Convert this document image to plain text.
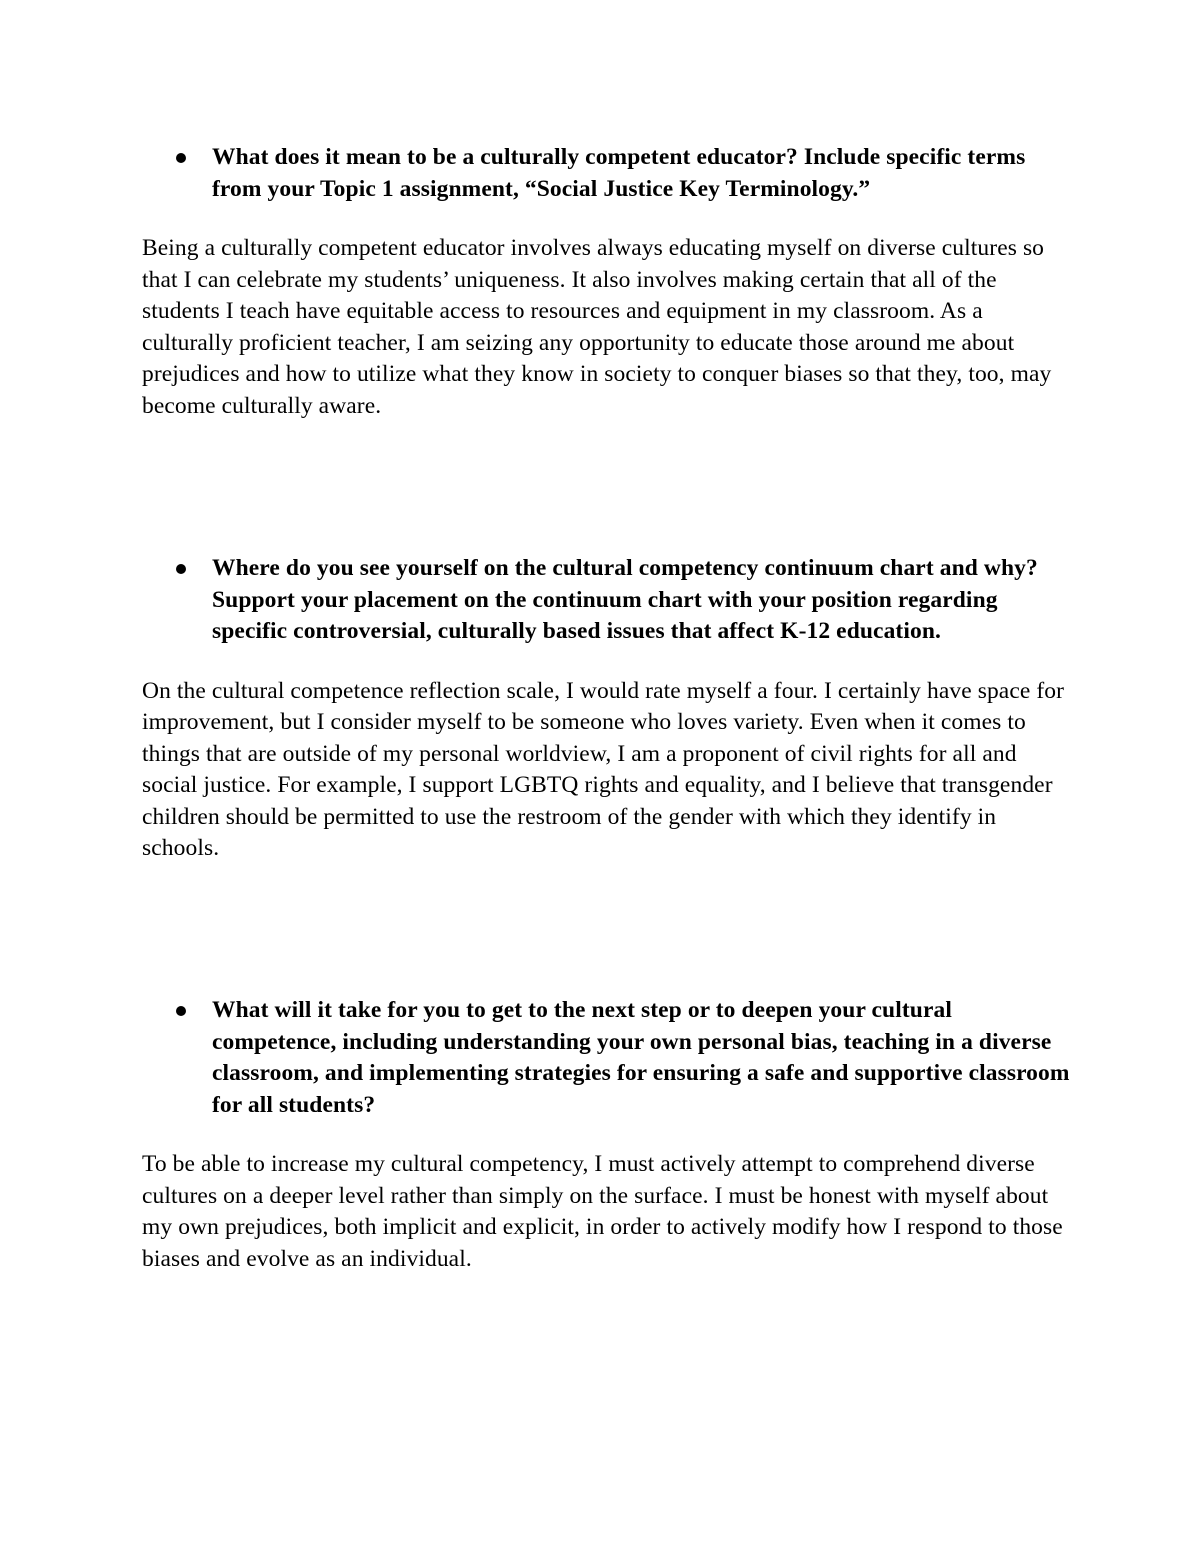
What does it mean to be a culturally competent educator? Include specific terms from your Topic 1 assignment, “Social Justice Key Terminology.”
Being a culturally competent educator involves always educating myself on diverse cultures so that I can celebrate my students’ uniqueness. It also involves making certain that all of the students I teach have equitable access to resources and equipment in my classroom. As a culturally proficient teacher, I am seizing any opportunity to educate those around me about prejudices and how to utilize what they know in society to conquer biases so that they, too, may become culturally aware.
Where do you see yourself on the cultural competency continuum chart and why? Support your placement on the continuum chart with your position regarding specific controversial, culturally based issues that affect K-12 education.
On the cultural competence reflection scale, I would rate myself a four. I certainly have space for improvement, but I consider myself to be someone who loves variety. Even when it comes to things that are outside of my personal worldview, I am a proponent of civil rights for all and social justice. For example, I support LGBTQ rights and equality, and I believe that transgender children should be permitted to use the restroom of the gender with which they identify in schools.
What will it take for you to get to the next step or to deepen your cultural competence, including understanding your own personal bias, teaching in a diverse classroom, and implementing strategies for ensuring a safe and supportive classroom for all students?
To be able to increase my cultural competency, I must actively attempt to comprehend diverse cultures on a deeper level rather than simply on the surface. I must be honest with myself about my own prejudices, both implicit and explicit, in order to actively modify how I respond to those biases and evolve as an individual.
